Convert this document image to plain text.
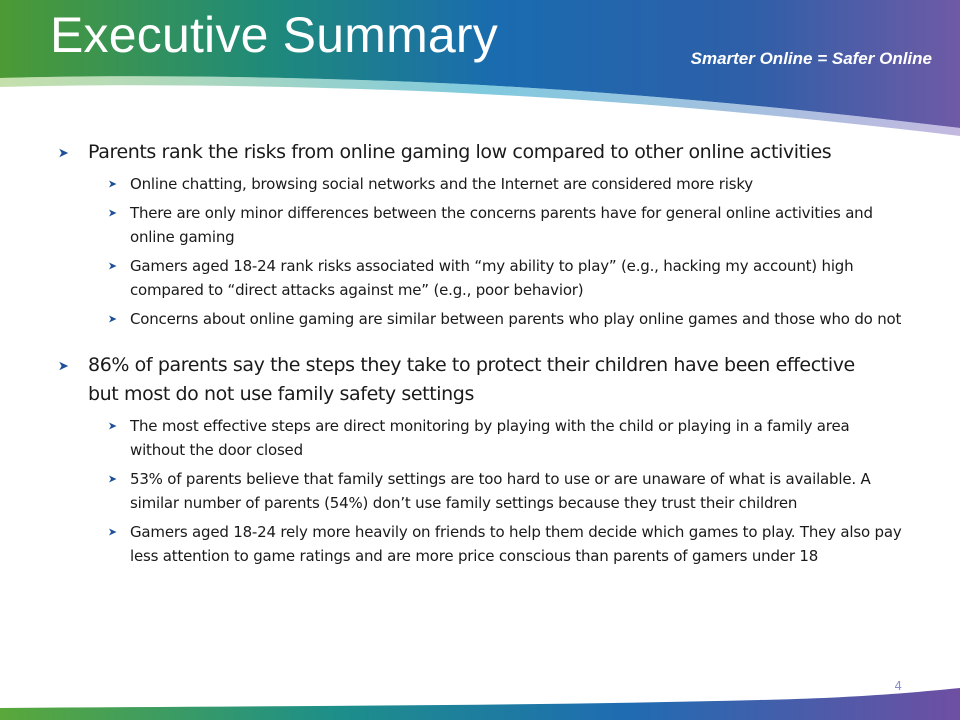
Executive Summary	Smarter Online = Safer Online
Parents rank the risks from online gaming low compared to other online activities
Online chatting, browsing social networks and the Internet are considered more risky
There are only minor differences between the concerns parents have for general online activities and online gaming
Gamers aged 18-24 rank risks associated with “my ability to play” (e.g., hacking my account) high compared to “direct attacks against me” (e.g., poor behavior)
Concerns about online gaming are similar between parents who play online games and those who do not
86% of parents say the steps they take to protect their children have been effective but most do not use family safety settings
The most effective steps are direct monitoring by playing with the child or playing in a family area without the door closed
53% of parents believe that family settings are too hard to use or are unaware of what is available. A similar number of parents (54%) don’t use family settings because they trust their children
Gamers aged 18-24 rely more heavily on friends to help them decide which games to play. They also pay less attention to game ratings and are more price conscious than parents of gamers under 18
4
